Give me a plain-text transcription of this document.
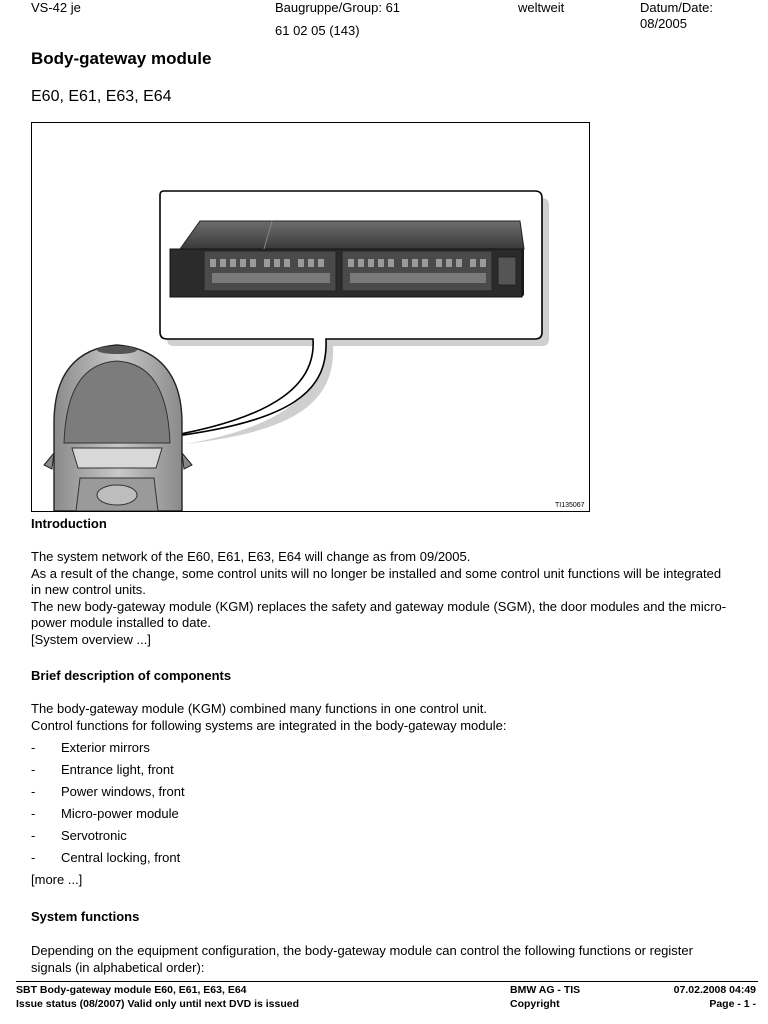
VS-42 je	Baugruppe/Group: 61
61 02 05 (143)
weltweit	Datum/Date:
08/2005
Body-gateway module
E60, E61, E63, E64
TI135067
Introduction

The system network of the E60, E61, E63, E64 will change as from 09/2005.

As a result of the change, some control units will no longer be installed and some control unit functions will be integrated in new control units.

The new body-gateway module (KGM) replaces the safety and gateway module (SGM), the door modules and the micro-power module installed to date.

[System overview ...]

Brief description of components

The body-gateway module (KGM) combined many functions in one control unit.

Control functions for following systems are integrated in the body-gateway module:

- Exterior mirrors
- Entrance light, front
- Power windows, front
- Micro-power module
- Servotronic
- Central locking, front
[more ...]
System functions
Depending on the equipment configuration, the body-gateway module can control the following functions or register signals (in alphabetical order):
SBT Body-gateway module E60, E61, E63, E64
Issue status (08/2007) Valid only until next DVD is issued
BMW AG - TIS
Copyright
07.02.2008 04:49
Page - 1 -
